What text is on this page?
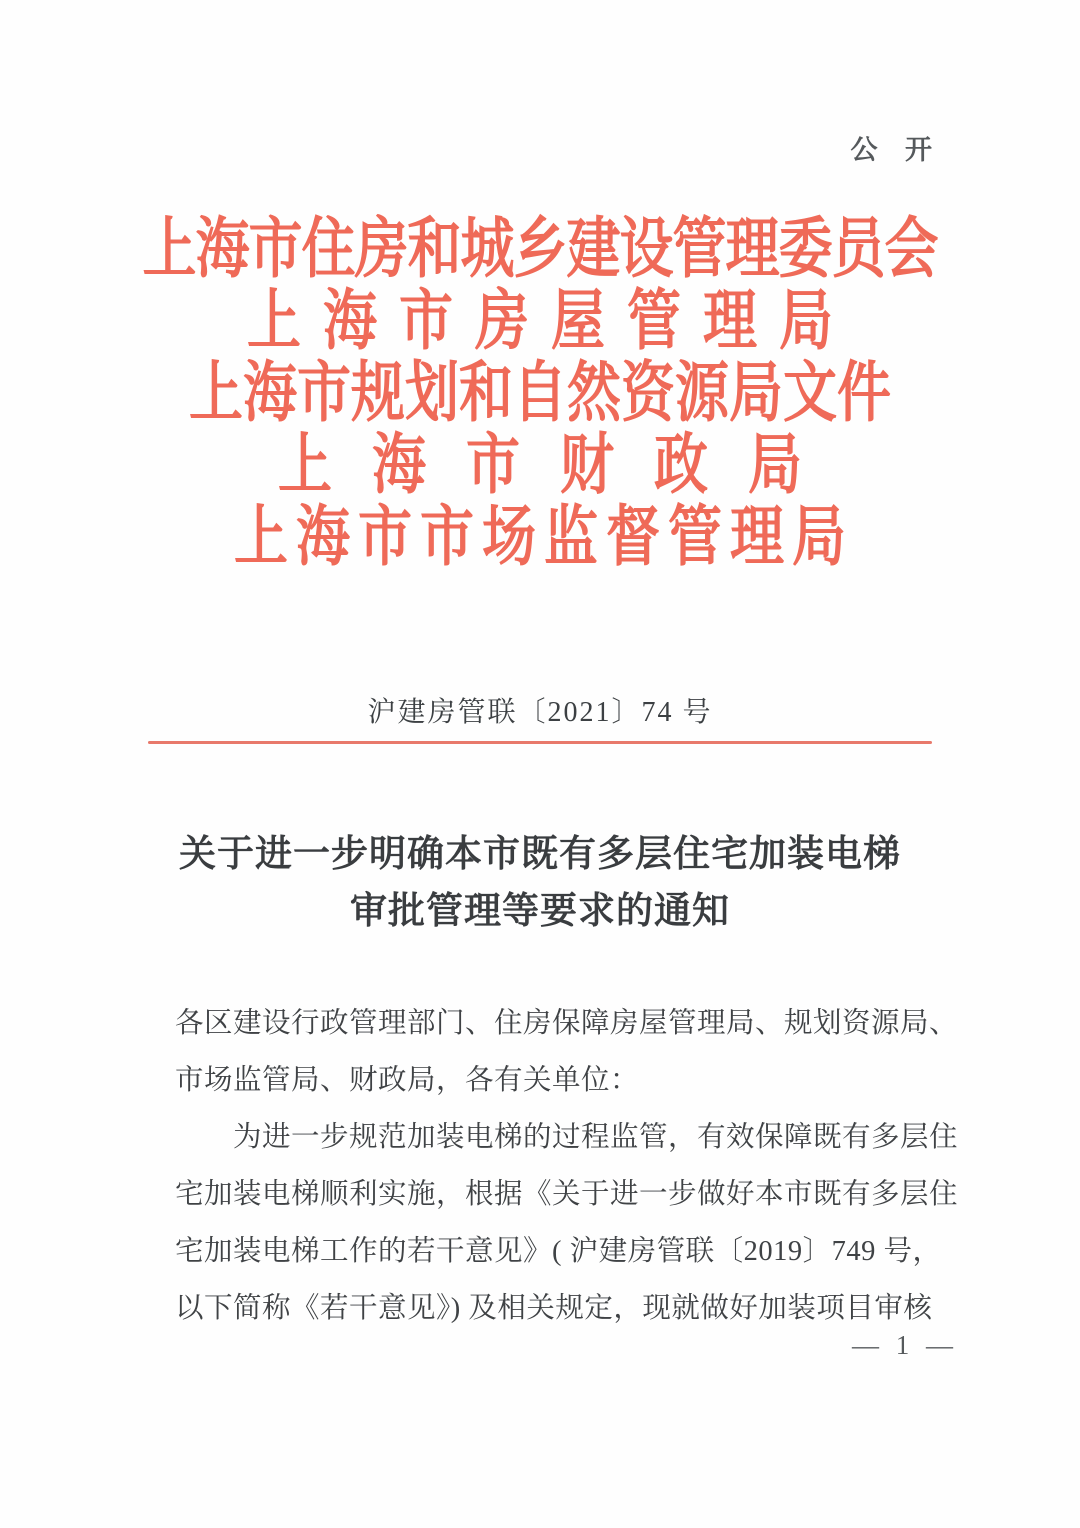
公 开
上海市住房和城乡建设管理委员会
上海市房屋管理局
上海市规划和自然资源局文件
上海市财政局
上海市市场监督管理局
沪建房管联〔2021〕74 号
关于进一步明确本市既有多层住宅加装电梯
审批管理等要求的通知
各区建设行政管理部门、住房保障房屋管理局、规划资源局、
市场监管局、财政局，各有关单位：
为进一步规范加装电梯的过程监管，有效保障既有多层住
宅加装电梯顺利实施，根据《关于进一步做好本市既有多层住
宅加装电梯工作的若干意见》( 沪建房管联〔2019〕749 号，
以下简称《若干意见》) 及相关规定，现就做好加装项目审核
— 1 —
